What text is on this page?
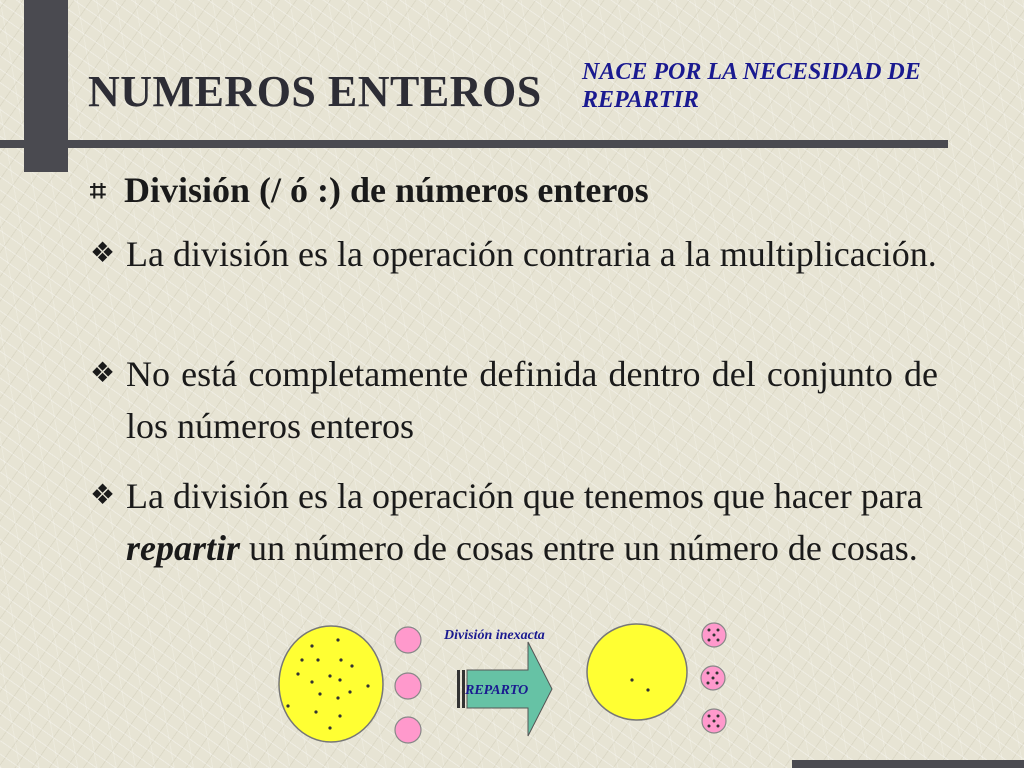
NUMEROS ENTEROS NACE POR LA NECESIDAD DE REPARTIR
⌗ División (/ ó :) de números enteros
❖ La división es la operación contraria a la multiplicación.
❖ No está completamente definida dentro del conjunto de los números enteros
❖ La división es la operación que tenemos que hacer para repartir un número de cosas entre un número de cosas.
División inexacta
REPARTO
